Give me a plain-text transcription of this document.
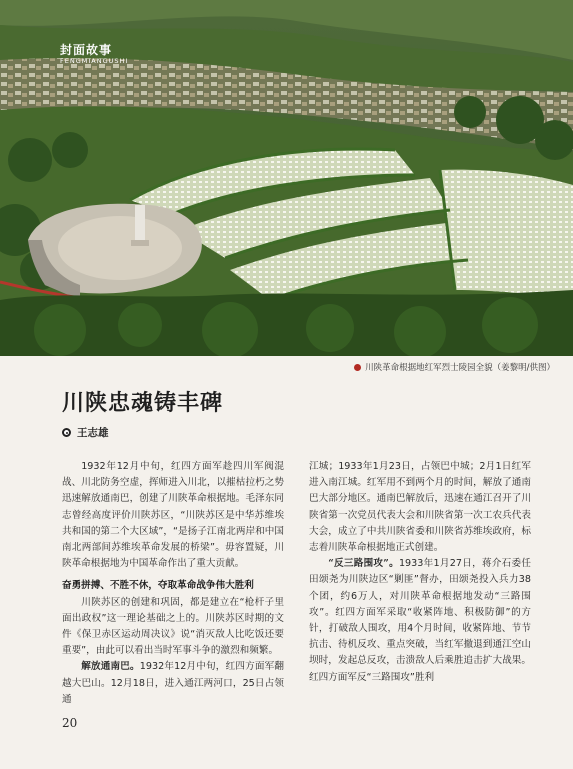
封面故事
FENGMIANGUSHI
川陕革命根据地红军烈士陵园全貌（姜黎明/供图）
川陕忠魂铸丰碑
王志雄

1932年12月中旬，红四方面军趁四川军阀混战、川北防务空虚，挥师进入川北，以摧枯拉朽之势迅速解放通南巴，创建了川陕革命根据地。毛泽东同志曾经高度评价川陕苏区，“川陕苏区是中华苏维埃共和国的第二个大区域”，“是扬子江南北两岸和中国南北两部间苏维埃革命发展的桥梁”。毋容置疑，川陕革命根据地为中国革命作出了重大贡献。

奋勇拼搏、不胜不休，夺取革命战争伟大胜利

川陕苏区的创建和巩固，都是建立在“枪杆子里面出政权”这一理论基础之上的。川陕苏区时期的文件《保卫赤区运动周决议》说“消灭敌人比吃饭还要重要”，由此可以看出当时军事斗争的激烈和频繁。

解放通南巴。1932年12月中旬，红四方面军翻越大巴山。12月18日，进入通江两河口，25日占领通

江城；1933年1月23日，占领巴中城；2月1日红军进入南江城。红军用不到两个月的时间，解放了通南巴大部分地区。通南巴解放后，迅速在通江召开了川陕省第一次党员代表大会和川陕省第一次工农兵代表大会，成立了中共川陕省委和川陕省苏维埃政府，标志着川陕革命根据地正式创建。

“反三路围攻”。1933年1月27日，蒋介石委任田颂尧为川陕边区“剿匪”督办，田颂尧投入兵力38个团，约6万人，对川陕革命根据地发动“三路围攻”。红四方面军采取“收紧阵地、积极防御”的方针，打破敌人围攻，用4个月时间，收紧阵地、节节抗击、待机反攻、重点突破，当红军撤退到通江空山坝时，发起总反攻，击溃敌人后乘胜追击扩大战果。红四方面军反“三路围攻”胜利

20
